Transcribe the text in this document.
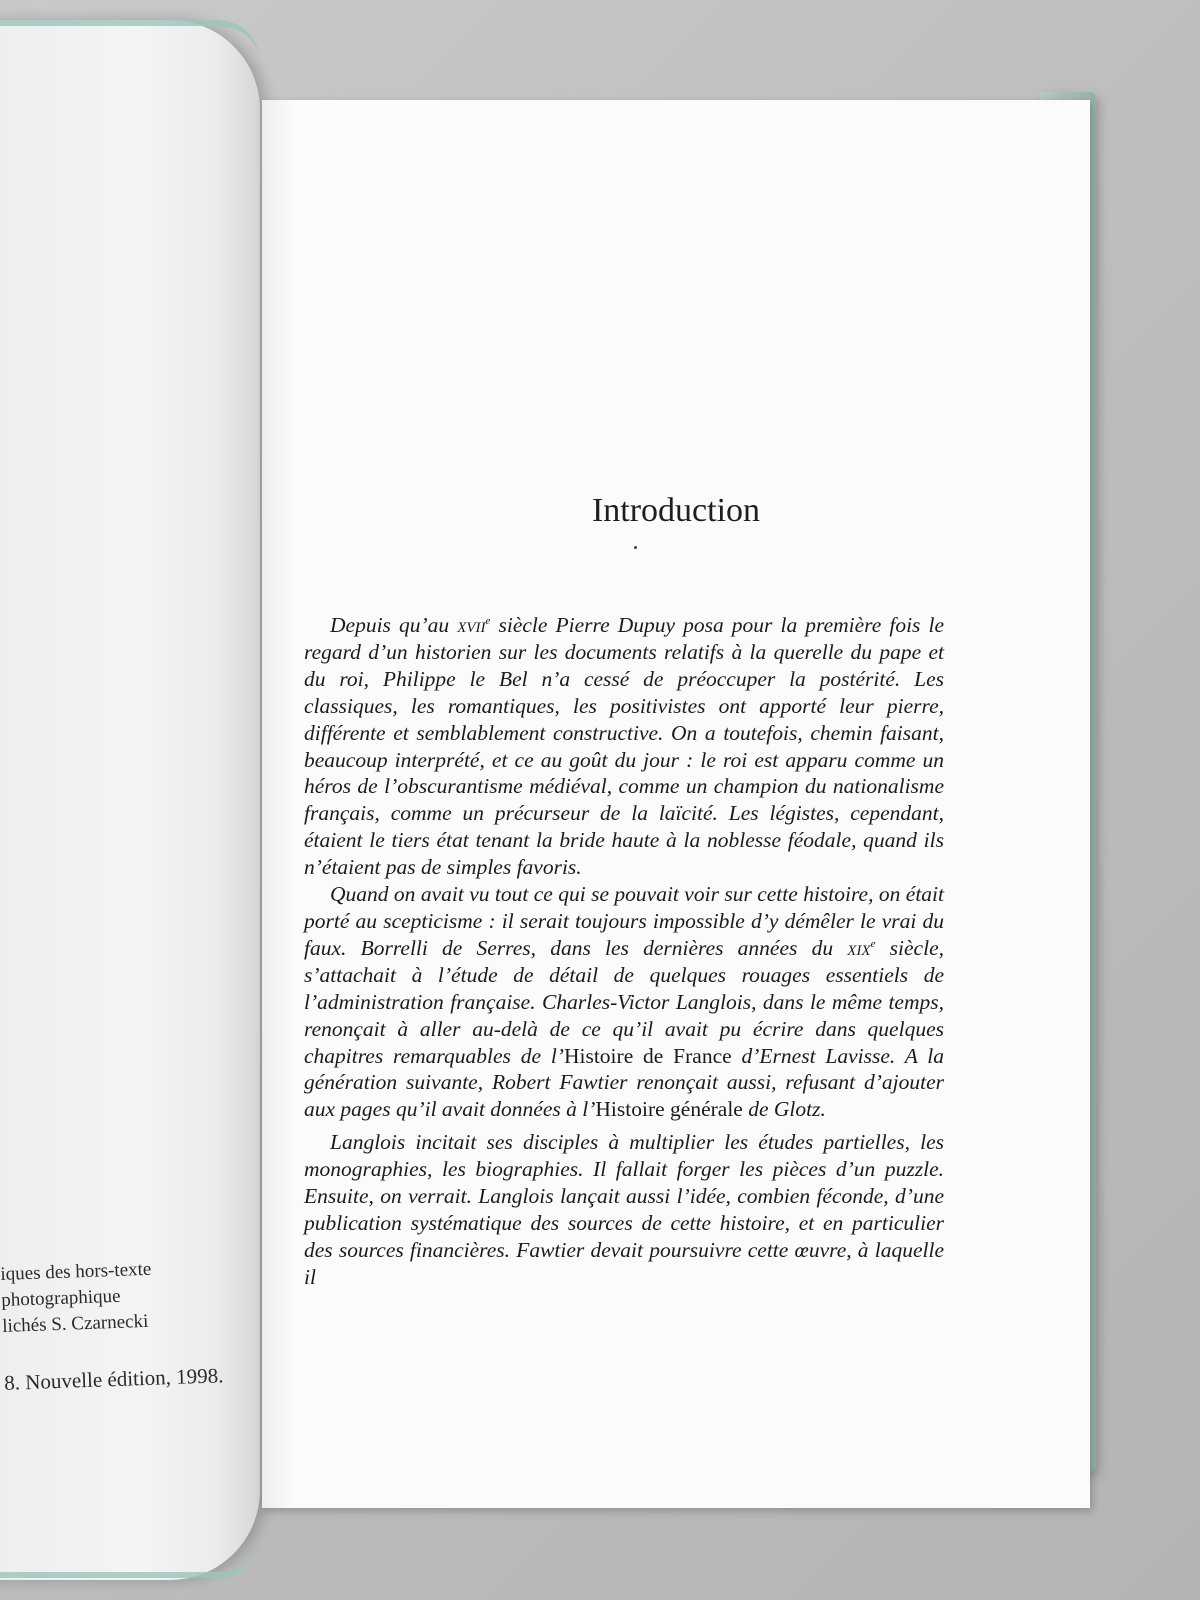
iques des hors-texte
photographique
lichés S. Czarnecki
8. Nouvelle édition, 1998.
Introduction

Depuis qu’au xvii$^e$ siècle Pierre Dupuy posa pour la première fois le regard d’un historien sur les documents relatifs à la querelle du pape et du roi, Philippe le Bel n’a cessé de préoccuper la postérité. Les classiques, les romantiques, les positivistes ont apporté leur pierre, différente et semblablement constructive. On a toutefois, chemin faisant, beaucoup interprété, et ce au goût du jour : le roi est apparu comme un héros de l’obscurantisme médiéval, comme un champion du nationalisme français, comme un précurseur de la laïcité. Les légistes, cependant, étaient le tiers état tenant la bride haute à la noblesse féodale, quand ils n’étaient pas de simples favoris.

Quand on avait vu tout ce qui se pouvait voir sur cette histoire, on était porté au scepticisme : il serait toujours impossible d’y démêler le vrai du faux. Borrelli de Serres, dans les dernières années du xix$^e$ siècle, s’attachait à l’étude de détail de quelques rouages essentiels de l’administration française. Charles-Victor Langlois, dans le même temps, renonçait à aller au-delà de ce qu’il avait pu écrire dans quelques chapitres remarquables de l’Histoire de France d’Ernest Lavisse. A la génération suivante, Robert Fawtier renonçait aussi, refusant d’ajouter aux pages qu’il avait données à l’Histoire générale de Glotz.

Langlois incitait ses disciples à multiplier les études partielles, les monographies, les biographies. Il fallait forger les pièces d’un puzzle. Ensuite, on verrait. Langlois lançait aussi l’idée, combien féconde, d’une publication systématique des sources de cette histoire, et en particulier des sources financières. Fawtier devait poursuivre cette œuvre, à laquelle il
